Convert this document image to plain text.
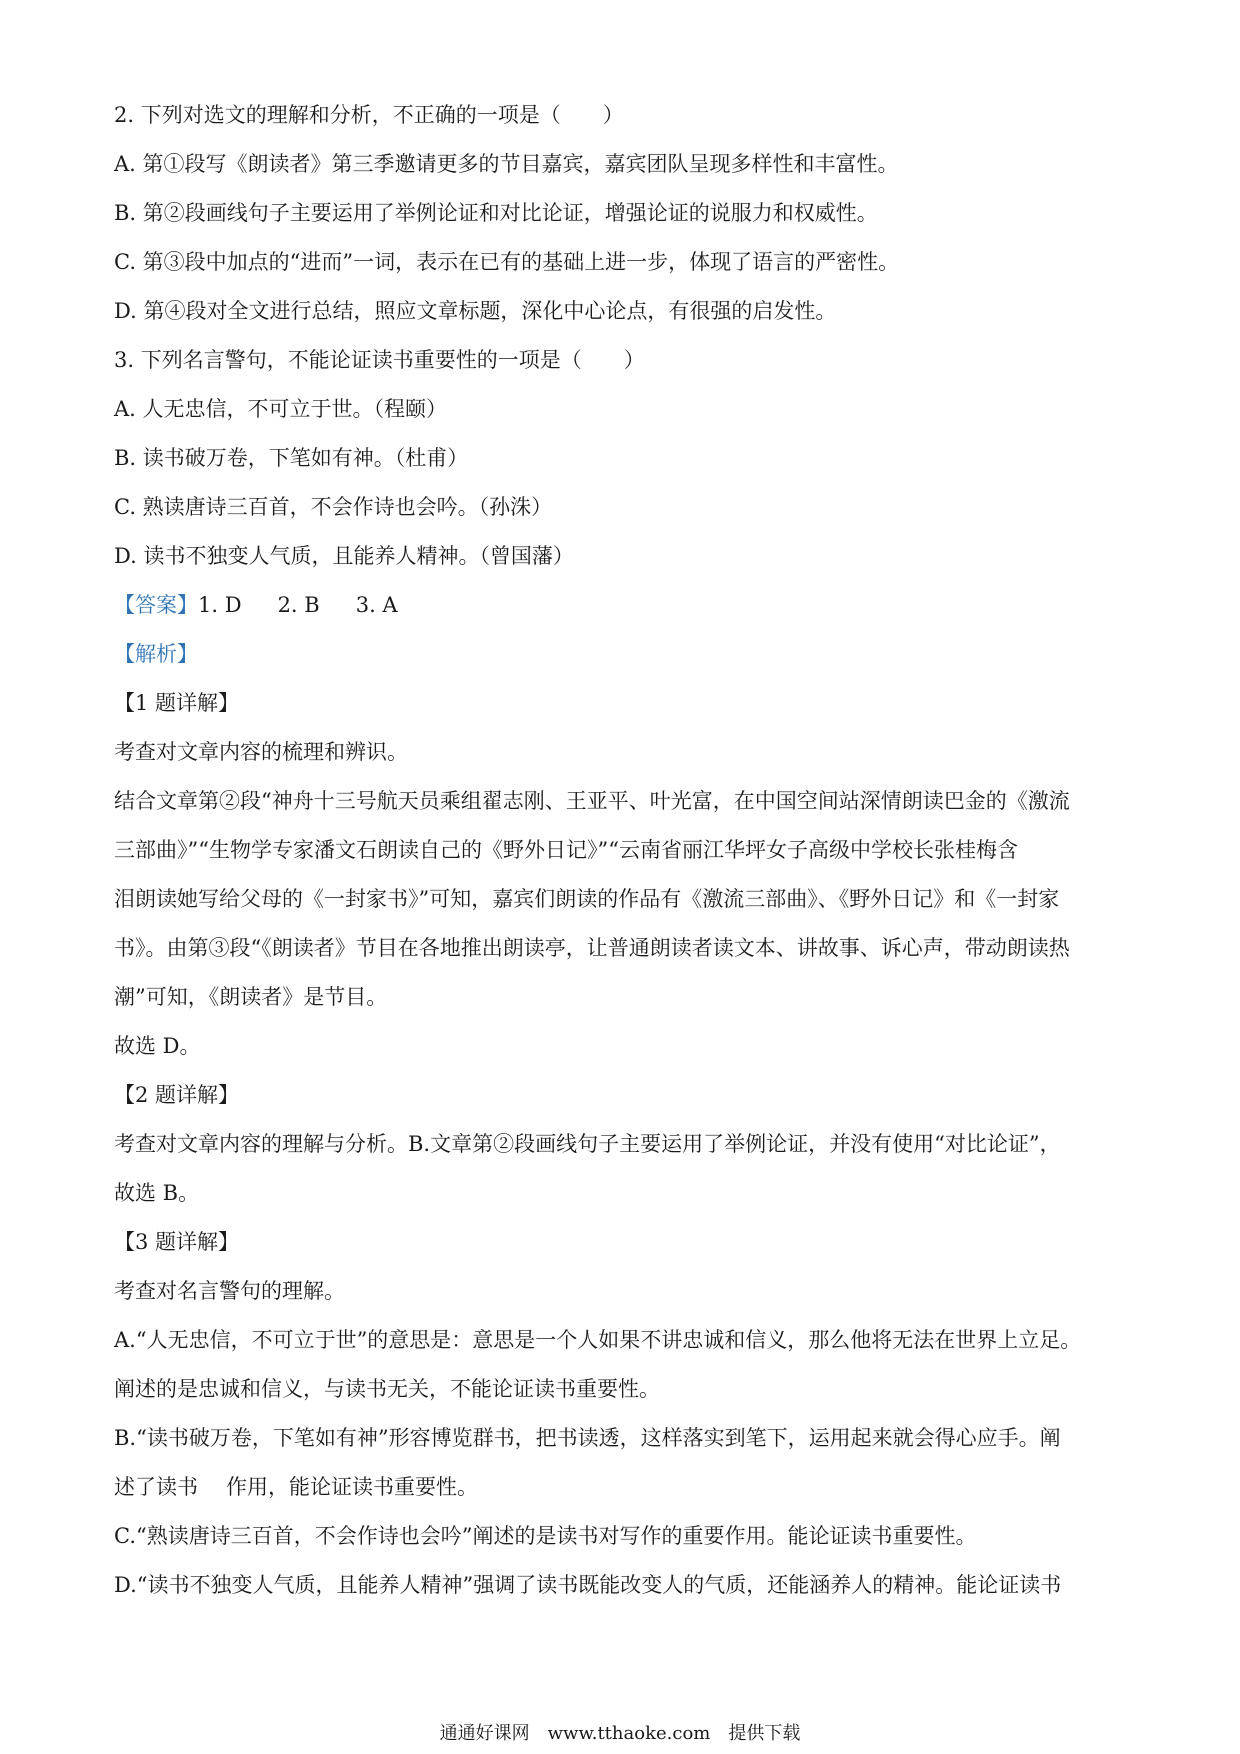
2. 下列对选文的理解和分析，不正确的一项是（　　）
A. 第①段写《朗读者》第三季邀请更多的节目嘉宾，嘉宾团队呈现多样性和丰富性。
B. 第②段画线句子主要运用了举例论证和对比论证，增强论证的说服力和权威性。
C. 第③段中加点的“进而”一词，表示在已有的基础上进一步，体现了语言的严密性。
D. 第④段对全文进行总结，照应文章标题，深化中心论点，有很强的启发性。
3. 下列名言警句，不能论证读书重要性的一项是（　　）
A. 人无忠信，不可立于世。（程颐）
B. 读书破万卷，下笔如有神。（杜甫）
C. 熟读唐诗三百首，不会作诗也会吟。（孙洙）
D. 读书不独变人气质，且能养人精神。（曾国藩）
【答案】1. D 2. B 3. A
【解析】
【1 题详解】
考查对文章内容的梳理和辨识。
结合文章第②段“神舟十三号航天员乘组翟志刚、王亚平、叶光富，在中国空间站深情朗读巴金的《激流
三部曲》”“生物学专家潘文石朗读自己的《野外日记》”“云南省丽江华坪女子高级中学校长张桂梅含
泪朗读她写给父母的《一封家书》”可知，嘉宾们朗读的作品有《激流三部曲》、《野外日记》和《一封家
书》。由第③段“《朗读者》节目在各地推出朗读亭，让普通朗读者读文本、讲故事、诉心声，带动朗读热
潮”可知，《朗读者》是节目。
故选 D。
【2 题详解】
考查对文章内容的理解与分析。B.文章第②段画线句子主要运用了举例论证，并没有使用“对比论证”，
故选 B。
【3 题详解】
考查对名言警句的理解。
A.“人无忠信，不可立于世”的意思是：意思是一个人如果不讲忠诚和信义，那么他将无法在世界上立足。
阐述的是忠诚和信义，与读书无关，不能论证读书重要性。
B.“读书破万卷，下笔如有神”形容博览群书，把书读透，这样落实到笔下，运用起来就会得心应手。阐
述了读书 作用，能论证读书重要性。
C.“熟读唐诗三百首，不会作诗也会吟”阐述的是读书对写作的重要作用。能论证读书重要性。
D.“读书不独变人气质，且能养人精神”强调了读书既能改变人的气质，还能涵养人的精神。能论证读书
通通好课网　www.tthaoke.com　提供下载
